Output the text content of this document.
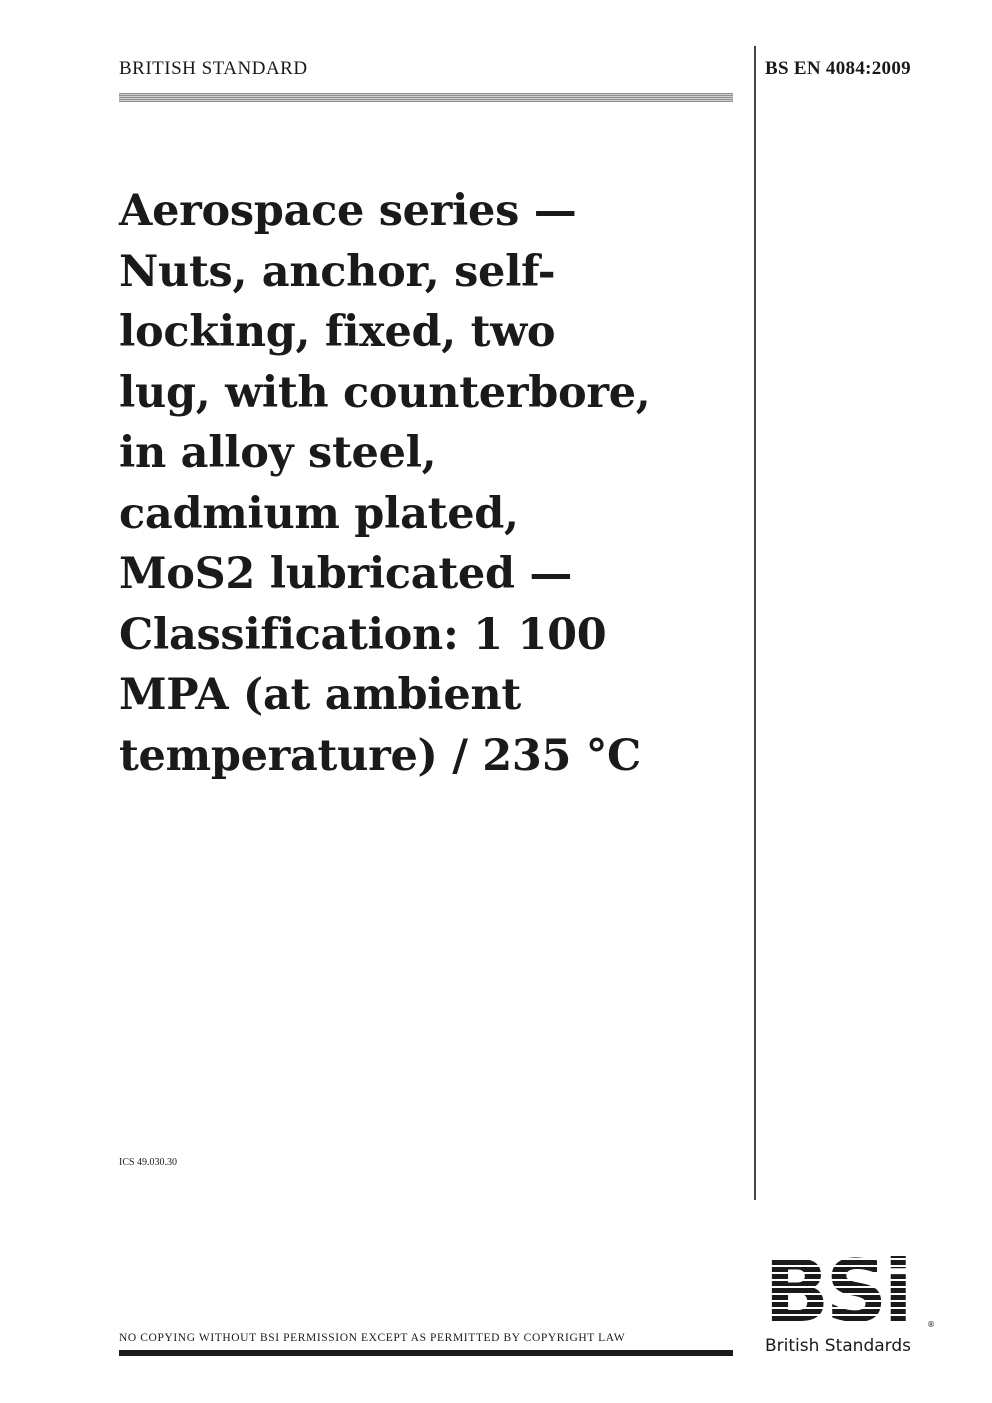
BRITISH STANDARD	BS EN 4084:2009
Aerospace series —
Nuts, anchor, self-
locking, fixed, two
lug, with counterbore,
in alloy steel,
cadmium plated,
MoS2 lubricated —
Classification: 1 100
MPA (at ambient
temperature) / 235 °C
ICS 49.030.30
NO COPYING WITHOUT BSI PERMISSION EXCEPT AS PERMITTED BY COPYRIGHT LAW BSi ®
British Standards
